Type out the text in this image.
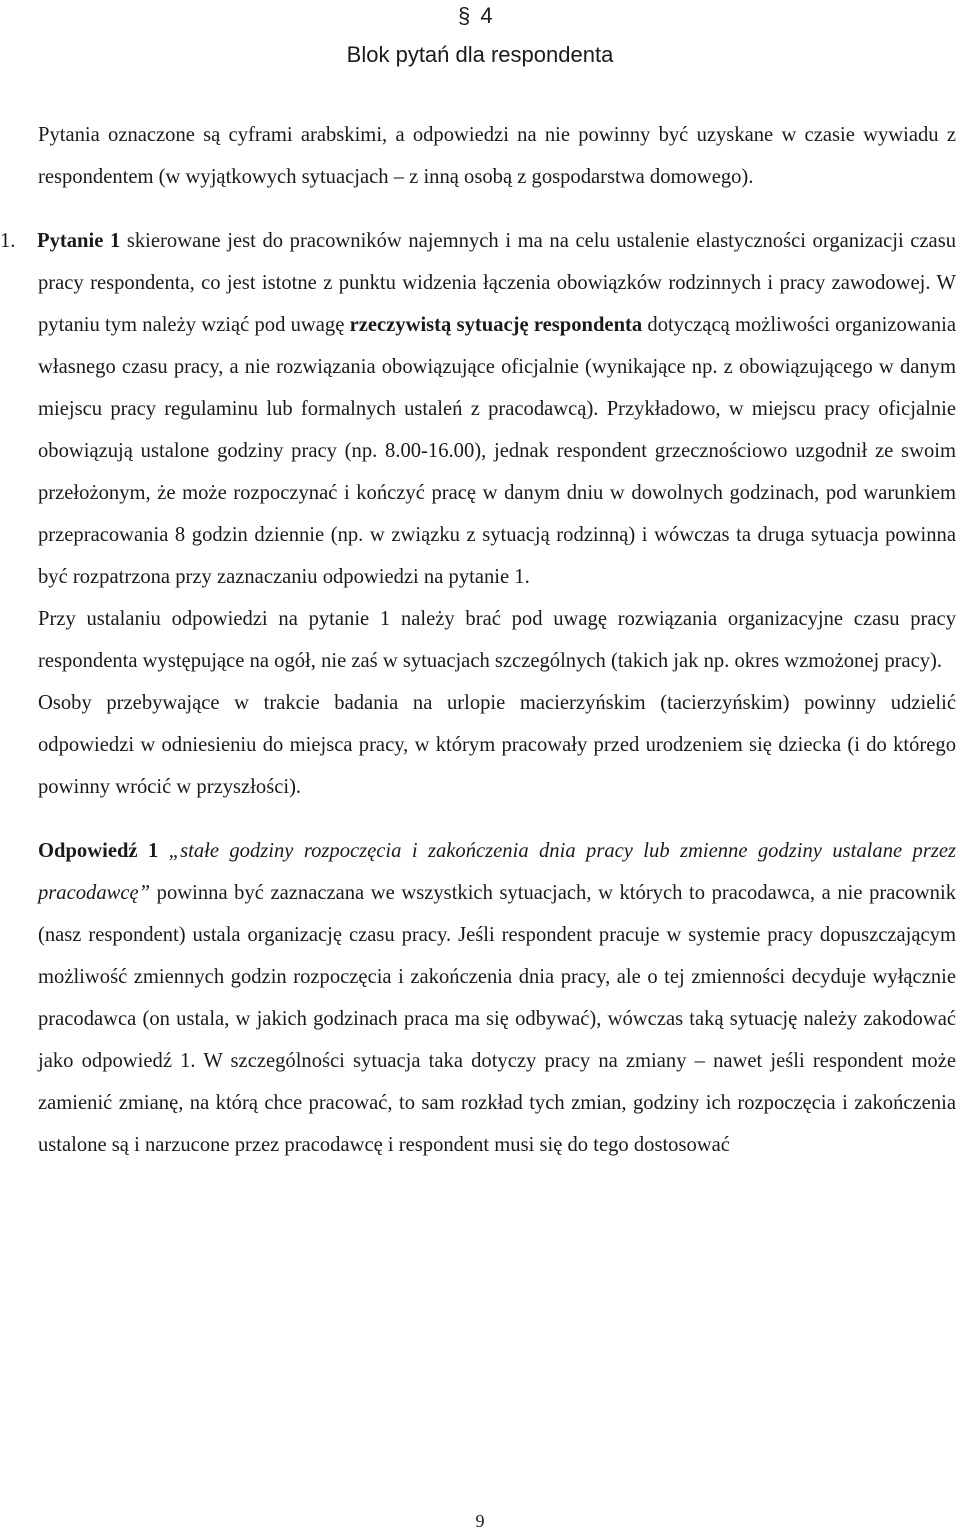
§ 4
Blok pytań dla respondenta

Pytania oznaczone są cyframi arabskimi, a odpowiedzi na nie powinny być uzyskane w czasie wywiadu z respondentem (w wyjątkowych sytuacjach – z inną osobą z gospodarstwa domowego).

1. Pytanie 1 skierowane jest do pracowników najemnych i ma na celu ustalenie elastyczności organizacji czasu pracy respondenta, co jest istotne z punktu widzenia łączenia obowiązków rodzinnych i pracy zawodowej. W pytaniu tym należy wziąć pod uwagę rzeczywistą sytuację respondenta dotyczącą możliwości organizowania własnego czasu pracy, a nie rozwiązania obowiązujące oficjalnie (wynikające np. z obowiązującego w danym miejscu pracy regulaminu lub formalnych ustaleń z pracodawcą). Przykładowo, w miejscu pracy oficjalnie obowiązują ustalone godziny pracy (np. 8.00-16.00), jednak respondent grzecznościowo uzgodnił ze swoim przełożonym, że może rozpoczynać i kończyć pracę w danym dniu w dowolnych godzinach, pod warunkiem przepracowania 8 godzin dziennie (np. w związku z sytuacją rodzinną) i wówczas ta druga sytuacja powinna być rozpatrzona przy zaznaczaniu odpowiedzi na pytanie 1.

Przy ustalaniu odpowiedzi na pytanie 1 należy brać pod uwagę rozwiązania organizacyjne czasu pracy respondenta występujące na ogół, nie zaś w sytuacjach szczególnych (takich jak np. okres wzmożonej pracy).

Osoby przebywające w trakcie badania na urlopie macierzyńskim (tacierzyńskim) powinny udzielić odpowiedzi w odniesieniu do miejsca pracy, w którym pracowały przed urodzeniem się dziecka (i do którego powinny wrócić w przyszłości).

Odpowiedź 1 „stałe godziny rozpoczęcia i zakończenia dnia pracy lub zmienne godziny ustalane przez pracodawcę” powinna być zaznaczana we wszystkich sytuacjach, w których to pracodawca, a nie pracownik (nasz respondent) ustala organizację czasu pracy. Jeśli respondent pracuje w systemie pracy dopuszczającym możliwość zmiennych godzin rozpoczęcia i zakończenia dnia pracy, ale o tej zmienności decyduje wyłącznie pracodawca (on ustala, w jakich godzinach praca ma się odbywać), wówczas taką sytuację należy zakodować jako odpowiedź 1. W szczególności sytuacja taka dotyczy pracy na zmiany – nawet jeśli respondent może zamienić zmianę, na którą chce pracować, to sam rozkład tych zmian, godziny ich rozpoczęcia i zakończenia ustalone są i narzucone przez pracodawcę i respondent musi się do tego dostosować

9
